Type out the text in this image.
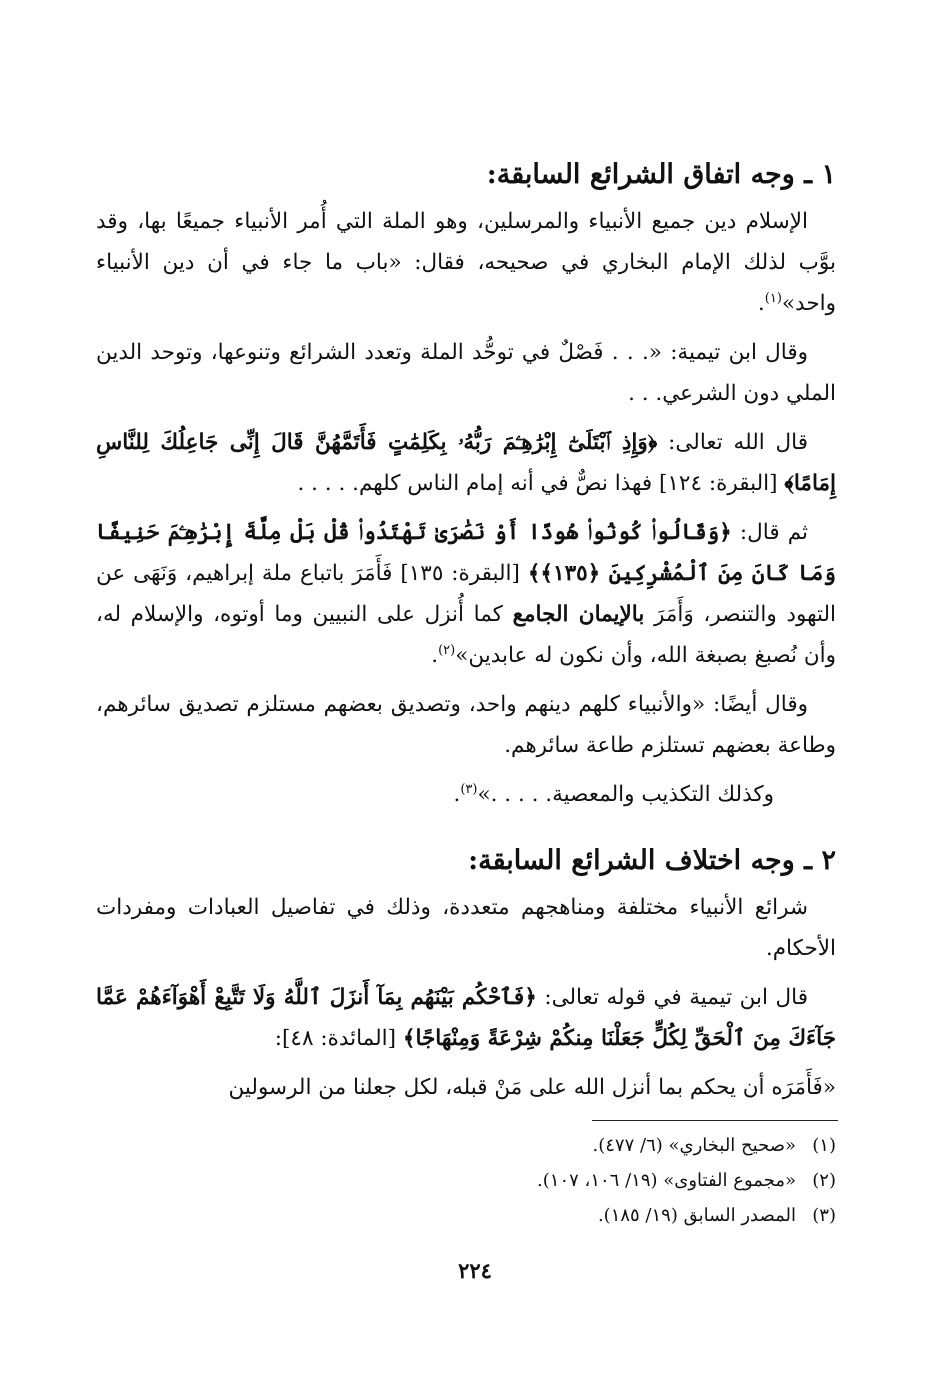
١ ـ وجه اتفاق الشرائع السابقة:

الإسلام دين جميع الأنبياء والمرسلين، وهو الملة التي أُمر الأنبياء جميعًا بها، وقد بوَّب لذلك الإمام البخاري في صحيحه، فقال: «باب ما جاء في أن دين الأنبياء واحد»$^{(١)}$.

وقال ابن تيمية: «. . . فَصْلٌ في توحُّد الملة وتعدد الشرائع وتنوعها، وتوحد الدين الملي دون الشرعي. . .

قال الله تعالى: ﴿وَإِذِ ٱبْتَلَىٰٓ إِبْرَٰهِـۧمَ رَبُّهُۥ بِكَلِمَٰتٍ فَأَتَمَّهُنَّ قَالَ إِنِّى جَاعِلُكَ لِلنَّاسِ إِمَامًا﴾ [البقرة: ١٢٤] فهذا نصٌّ في أنه إمام الناس كلهم. . . . .

ثم قال: ﴿وَقَالُوا۟ كُونُوا۟ هُودًا أَوْ نَصَٰرَىٰ تَهْتَدُوا۟ قُلْ بَلْ مِلَّةَ إِبْرَٰهِـۧمَ حَنِيفًا وَمَا كَانَ مِنَ ٱلْمُشْرِكِينَ ﴿١٣٥﴾﴾ [البقرة: ١٣٥] فَأَمَرَ باتباع ملة إبراهيم، وَنَهَى عن التهود والتنصر، وَأَمَرَ بالإيمان الجامع كما أُنزل على النبيين وما أوتوه، والإسلام له، وأن نُصبغ بصبغة الله، وأن نكون له عابدين»$^{(٢)}$.

وقال أيضًا: «والأنبياء كلهم دينهم واحد، وتصديق بعضهم مستلزم تصديق سائرهم، وطاعة بعضهم تستلزم طاعة سائرهم.

وكذلك التكذيب والمعصية. . . . .»$^{(٣)}$.

٢ ـ وجه اختلاف الشرائع السابقة:

شرائع الأنبياء مختلفة ومناهجهم متعددة، وذلك في تفاصيل العبادات ومفردات الأحكام.

قال ابن تيمية في قوله تعالى: ﴿فَٱحْكُم بَيْنَهُم بِمَآ أَنزَلَ ٱللَّهُ وَلَا تَتَّبِعْ أَهْوَآءَهُمْ عَمَّا جَآءَكَ مِنَ ٱلْحَقِّ لِكُلٍّ جَعَلْنَا مِنكُمْ شِرْعَةً وَمِنْهَاجًا﴾ [المائدة: ٤٨]:

«فَأَمَرَه أن يحكم بما أنزل الله على مَنْ قبله، لكل جعلنا من الرسولين

(١)«صحيح البخاري» (٦/ ٤٧٧).
(٢)«مجموع الفتاوى» (١٩/ ١٠٦، ١٠٧).
(٣)المصدر السابق (١٩/ ١٨٥).
٢٢٤
